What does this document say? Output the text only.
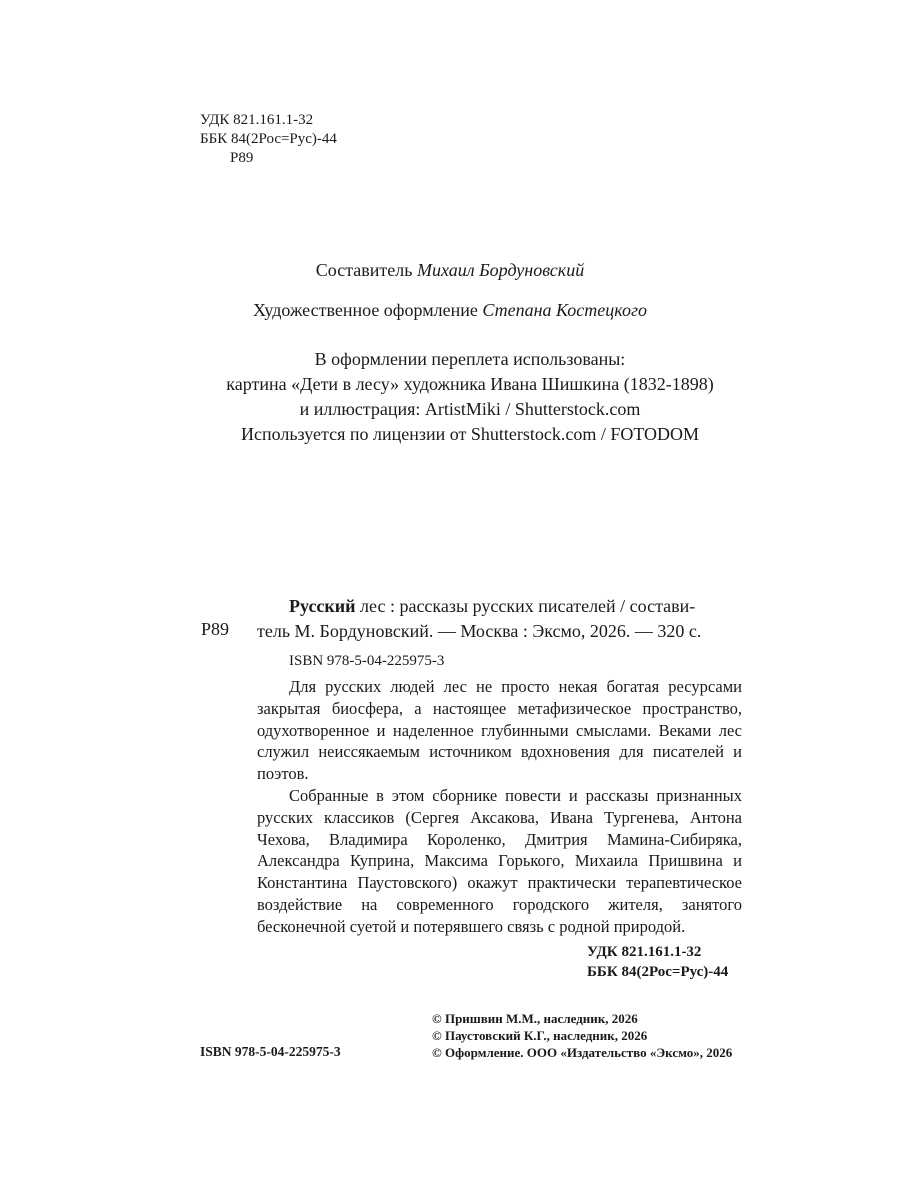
УДК 821.161.1-32
ББК 84(2Рос=Рус)-44
Р89
Составитель Михаил Бордуновский
Художественное оформление Степана Костецкого
В оформлении переплета использованы:
картина «Дети в лесу» художника Ивана Шишкина (1832-1898)
и иллюстрация: ArtistMiki / Shutterstock.com
Используется по лицензии от Shutterstock.com / FOTODOM
Р89

Русский лес : рассказы русских писателей / состави-

тель М. Бордуновский. — Москва : Эксмо, 2026. — 320 с.
ISBN 978-5-04-225975-3

Для русских людей лес не просто некая богатая ресурсами закрытая биосфера, а настоящее метафизическое пространство, одухотворенное и наделенное глубинными смыслами. Веками лес служил неиссякаемым источником вдохновения для писателей и поэтов.

Собранные в этом сборнике повести и рассказы признанных русских классиков (Сергея Аксакова, Ивана Тургенева, Антона Чехова, Владимира Короленко, Дмитрия Мамина-Сибиряка, Александра Куприна, Максима Горького, Михаила Пришвина и Константина Паустовского) окажут практически терапевтическое воздействие на современного городского жителя, занятого бесконечной суетой и потерявшего связь с родной природой.

УДК 821.161.1-32
ББК 84(2Рос=Рус)-44
© Пришвин М.М., наследник, 2026
© Паустовский К.Г., наследник, 2026
© Оформление. ООО «Издательство «Эксмо», 2026
ISBN 978-5-04-225975-3
